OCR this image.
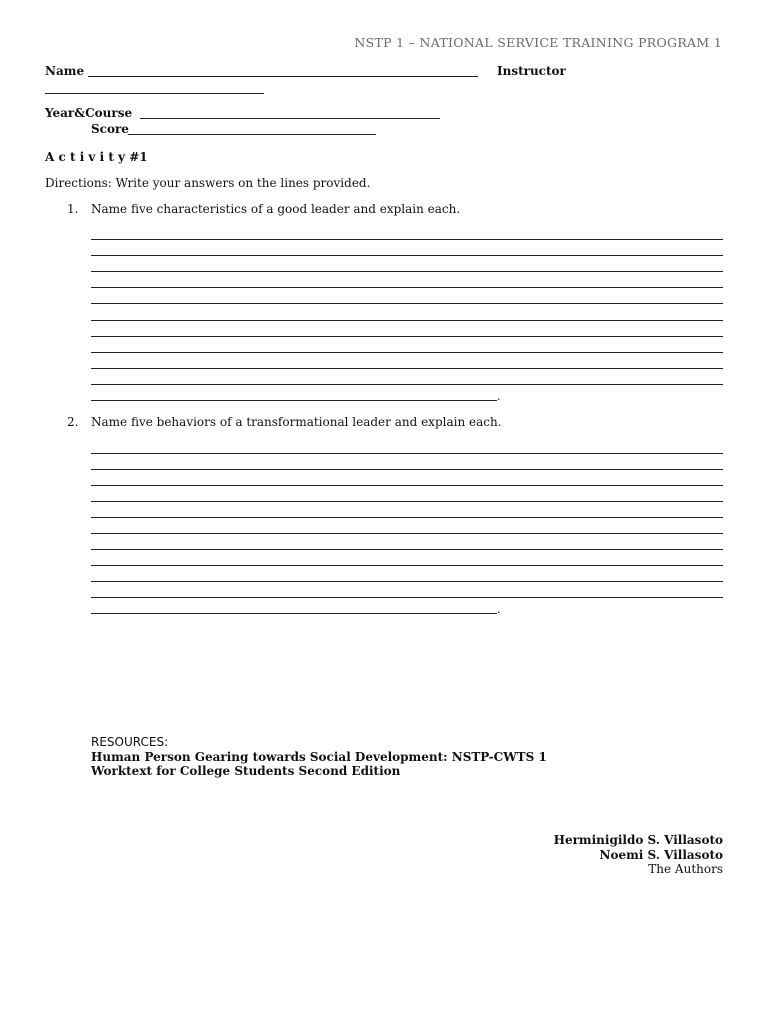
NSTP 1 – NATIONAL SERVICE TRAINING PROGRAM 1
Name	Instructor
Year&Course
Score
A c t i v i t y #1
Directions: Write your answers on the lines provided.
1. Name five characteristics of a good leader and explain each.
.
2. Name five behaviors of a transformational leader and explain each.
.
RESOURCES:
Human Person Gearing towards Social Development: NSTP-CWTS 1
Worktext for College Students Second Edition
Herminigildo S. Villasoto
Noemi S. Villasoto
The Authors
